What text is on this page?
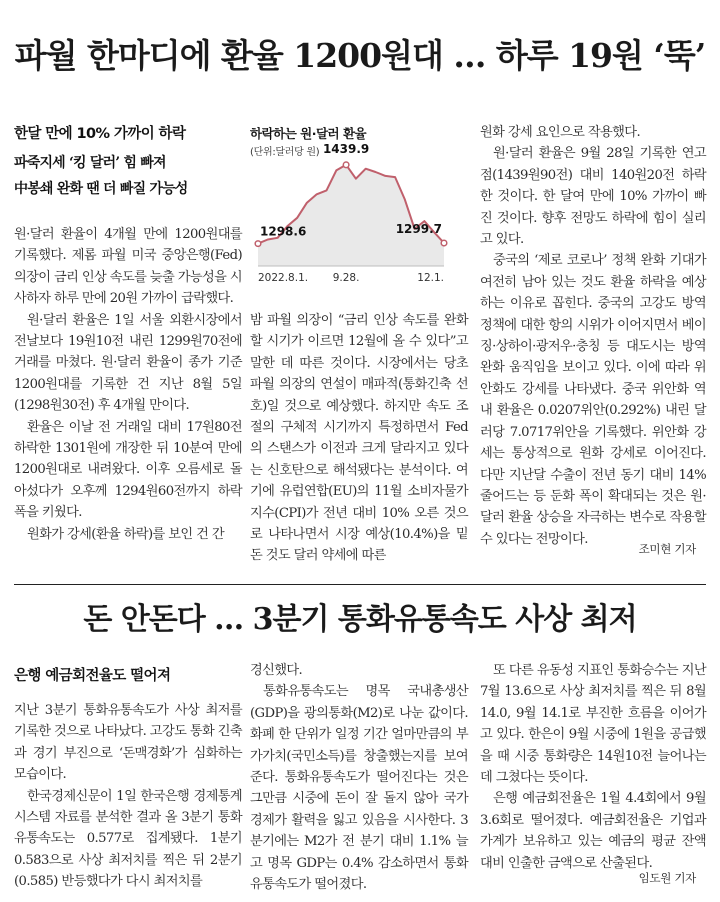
파월 한마디에 환율 1200원대 … 하루 19원 ‘뚝’
한달 만에 10% 가까이 하락
파죽지세 ‘킹 달러’ 힘 빠져
中봉쇄 완화 땐 더 빠질 가능성

원·달러 환율이 4개월 만에 1200원대를 기록했다. 제롬 파월 미국 중앙은행(Fed) 의장이 금리 인상 속도를 늦출 가능성을 시사하자 하루 만에 20원 가까이 급락했다.

원·달러 환율은 1일 서울 외환시장에서 전날보다 19원10전 내린 1299원70전에 거래를 마쳤다. 원·달러 환율이 종가 기준 1200원대를 기록한 건 지난 8월 5일(1298원30전) 후 4개월 만이다.

환율은 이날 전 거래일 대비 17원80전 하락한 1301원에 개장한 뒤 10분여 만에 1200원대로 내려왔다. 이후 오름세로 돌아섰다가 오후께 1294원60전까지 하락 폭을 키웠다.

원화가 강세(환율 하락)를 보인 건 간

하락하는 원·달러 환율
(단위:달러당 원)
1298.6
1439.9
1299.7
2022.8.1. 9.28.	12.1.

밤 파월 의장이 “금리 인상 속도를 완화할 시기가 이르면 12월에 올 수 있다”고 말한 데 따른 것이다. 시장에서는 당초 파월 의장의 연설이 매파적(통화긴축 선호)일 것으로 예상했다. 하지만 속도 조절의 구체적 시기까지 특정하면서 Fed의 스탠스가 이전과 크게 달라지고 있다는 신호탄으로 해석됐다는 분석이다. 여기에 유럽연합(EU)의 11월 소비자물가지수(CPI)가 전년 대비 10% 오른 것으로 나타나면서 시장 예상(10.4%)을 밑돈 것도 달러 약세에 따른

원화 강세 요인으로 작용했다.

원·달러 환율은 9월 28일 기록한 연고점(1439원90전) 대비 140원20전 하락한 것이다. 한 달여 만에 10% 가까이 빠진 것이다. 향후 전망도 하락에 힘이 실리고 있다.

중국의 ‘제로 코로나’ 정책 완화 기대가 여전히 남아 있는 것도 환율 하락을 예상하는 이유로 꼽힌다. 중국의 고강도 방역 정책에 대한 항의 시위가 이어지면서 베이징·상하이·광저우·충칭 등 대도시는 방역 완화 움직임을 보이고 있다. 이에 따라 위안화도 강세를 나타냈다. 중국 위안화 역내 환율은 0.0207위안(0.292%) 내린 달러당 7.0717위안을 기록했다. 위안화 강세는 통상적으로 원화 강세로 이어진다. 다만 지난달 수출이 전년 동기 대비 14% 줄어드는 등 둔화 폭이 확대되는 것은 원·달러 환율 상승을 자극하는 변수로 작용할 수 있다는 전망이다.

조미현 기자
돈 안돈다 … 3분기 통화유통속도 사상 최저
은행 예금회전율도 떨어져

지난 3분기 통화유통속도가 사상 최저를 기록한 것으로 나타났다. 고강도 통화 긴축과 경기 부진으로 ‘돈맥경화’가 심화하는 모습이다.

한국경제신문이 1일 한국은행 경제통계시스템 자료를 분석한 결과 올 3분기 통화유통속도는 0.577로 집계됐다. 1분기 0.583으로 사상 최저치를 찍은 뒤 2분기(0.585) 반등했다가 다시 최저치를

경신했다.

통화유통속도는 명목 국내총생산(GDP)을 광의통화(M2)로 나눈 값이다. 화폐 한 단위가 일정 기간 얼마만큼의 부가가치(국민소득)를 창출했는지를 보여준다. 통화유통속도가 떨어진다는 것은 그만큼 시중에 돈이 잘 돌지 않아 국가 경제가 활력을 잃고 있음을 시사한다. 3분기에는 M2가 전 분기 대비 1.1% 늘고 명목 GDP는 0.4% 감소하면서 통화유통속도가 떨어졌다.

또 다른 유동성 지표인 통화승수는 지난 7월 13.6으로 사상 최저치를 찍은 뒤 8월 14.0, 9월 14.1로 부진한 흐름을 이어가고 있다. 한은이 9월 시중에 1원을 공급했을 때 시중 통화량은 14원10전 늘어나는 데 그쳤다는 뜻이다.

은행 예금회전율은 1월 4.4회에서 9월 3.6회로 떨어졌다. 예금회전율은 기업과 가계가 보유하고 있는 예금의 평균 잔액 대비 인출한 금액으로 산출된다.

임도원 기자
